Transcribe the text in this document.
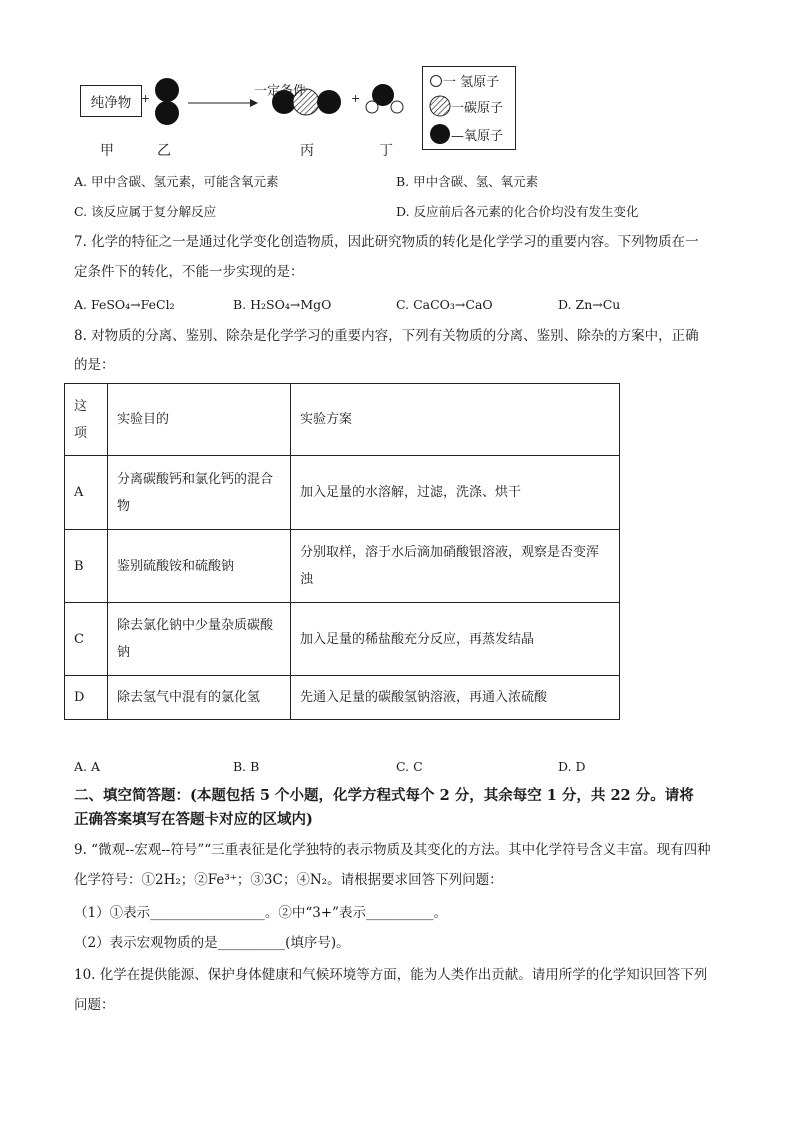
纯净物 +	一定条件	+
甲	乙	丙	丁
一 氢原子
一碳原子
—氧原子
A. 甲中含碳、氢元素，可能含氧元素	B. 甲中含碳、氢、氧元素
C. 该反应属于复分解反应	D. 反应前后各元素的化合价均没有发生变化
7. 化学的特征之一是通过化学变化创造物质，因此研究物质的转化是化学学习的重要内容。下列物质在一
定条件下的转化，不能一步实现的是：
A. FeSO₄→FeCl₂	B. H₂SO₄→MgO	C. CaCO₃→CaO	D. Zn→Cu
8. 对物质的分离、鉴别、除杂是化学学习的重要内容，下列有关物质的分离、鉴别、除杂的方案中，正确
的是：
这项	实验目的	实验方案
A	分离碳酸钙和氯化钙的混合物	加入足量的水溶解，过滤，洗涤、烘干
B	鉴别硫酸铵和硫酸钠	分别取样，溶于水后滴加硝酸银溶液，观察是否变浑浊
C	除去氯化钠中少量杂质碳酸钠	加入足量的稀盐酸充分反应，再蒸发结晶
D	除去氢气中混有的氯化氢	先通入足量的碳酸氢钠溶液，再通入浓硫酸
A. A	B. B	C. C	D. D
二、填空简答题：(本题包括 5 个小题，化学方程式每个 2 分，其余每空 1 分，共 22 分。请将
正确答案填写在答题卡对应的区域内)
9. “微观--宏观--符号”“三重表征是化学独特的表示物质及其变化的方法。其中化学符号含义丰富。现有四种
化学符号：①2H₂；②Fe³⁺；③3C；④N₂。请根据要求回答下列问题：
（1）①表示_________________。②中“3+”表示__________。
（2）表示宏观物质的是__________(填序号)。
10. 化学在提供能源、保护身体健康和气候环境等方面，能为人类作出贡献。请用所学的化学知识回答下列
问题：
